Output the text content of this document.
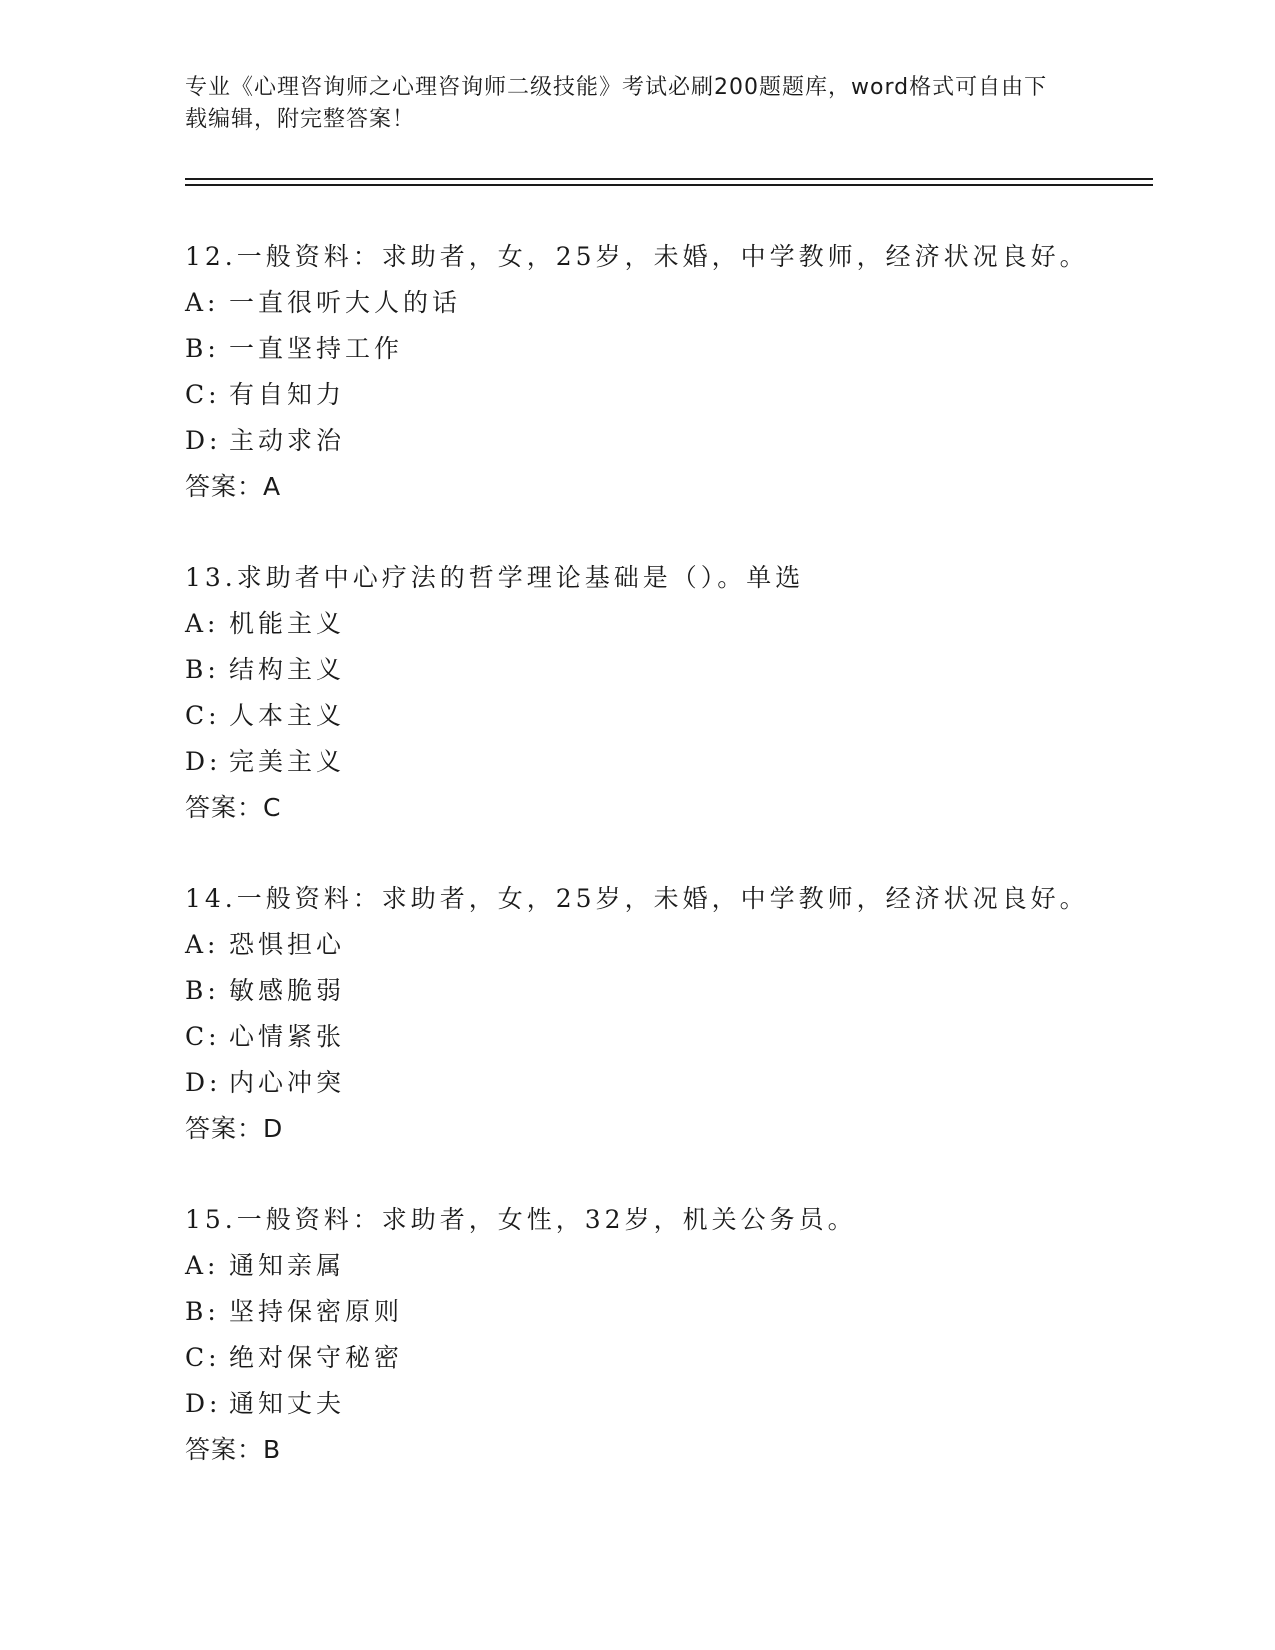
专业《心理咨询师之心理咨询师二级技能》考试必刷200题题库，word格式可自由下载编辑，附完整答案！
12.一般资料：求助者，女，25岁，未婚，中学教师，经济状况良好。
A: 一直很听大人的话
B: 一直坚持工作
C: 有自知力
D: 主动求治
答案：A
13.求助者中心疗法的哲学理论基础是（）。单选
A: 机能主义
B: 结构主义
C: 人本主义
D: 完美主义
答案：C
14.一般资料：求助者，女，25岁，未婚，中学教师，经济状况良好。
A: 恐惧担心
B: 敏感脆弱
C: 心情紧张
D: 内心冲突
答案：D
15.一般资料：求助者，女性，32岁，机关公务员。
A: 通知亲属
B: 坚持保密原则
C: 绝对保守秘密
D: 通知丈夫
答案：B
